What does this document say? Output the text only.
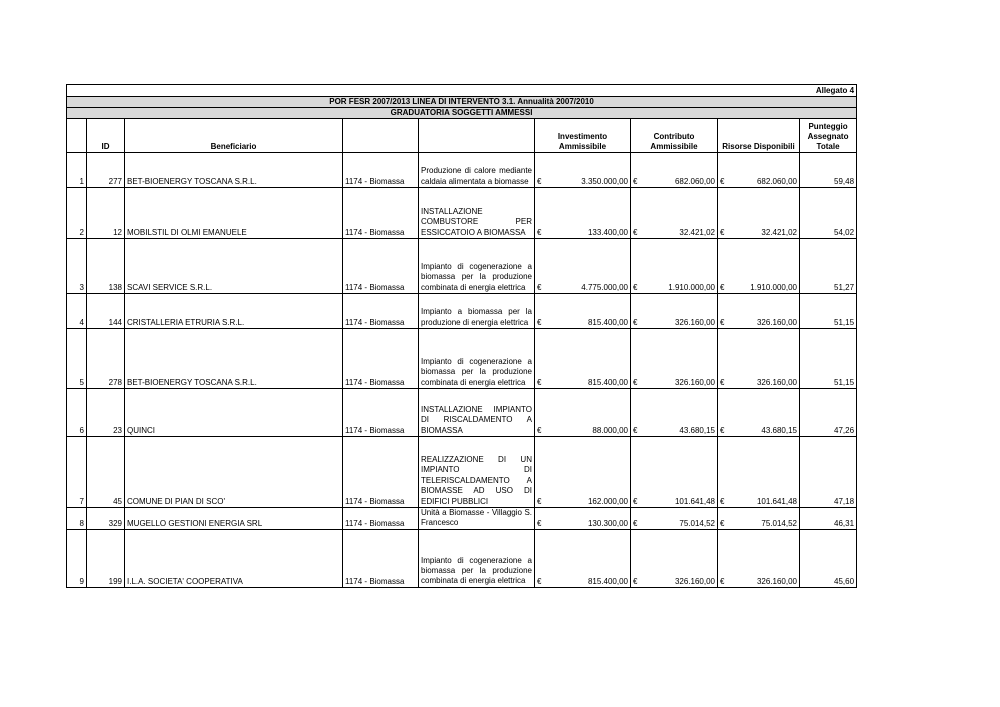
Allegato 4								
POR FESR 2007/2013 LINEA DI INTERVENTO 3.1. Annualità 2007/2010								
GRADUATORIA SOGGETTI AMMESSI								
	ID	Beneficiario			Investimento Ammissibile	Contributo Ammissibile	Risorse Disponibili	Punteggio Assegnato Totale
1	277	BET-BIOENERGY TOSCANA S.R.L.	1174 - Biomassa	Produzione di calore mediante caldaia alimentata a biomasse	€ 3.350.000,00	€ 682.060,00	€ 682.060,00	59,48
2	12	MOBILSTIL DI OLMI EMANUELE	1174 - Biomassa	INSTALLAZIONE COMBUSTORE PER ESSICCATOIO A BIOMASSA	€ 133.400,00	€ 32.421,02	€ 32.421,02	54,02
3	138	SCAVI SERVICE S.R.L.	1174 - Biomassa	Impianto di cogenerazione a biomassa per la produzione combinata di energia elettrica	€ 4.775.000,00	€ 1.910.000,00	€ 1.910.000,00	51,27
4	144	CRISTALLERIA ETRURIA S.R.L.	1174 - Biomassa	Impianto a biomassa per la produzione di energia elettrica	€ 815.400,00	€ 326.160,00	€ 326.160,00	51,15
5	278	BET-BIOENERGY TOSCANA S.R.L.	1174 - Biomassa	Impianto di cogenerazione a biomassa per la produzione combinata di energia elettrica	€ 815.400,00	€ 326.160,00	€ 326.160,00	51,15
6	23	QUINCI	1174 - Biomassa	INSTALLAZIONE IMPIANTO DI RISCALDAMENTO A BIOMASSA	€ 88.000,00	€ 43.680,15	€ 43.680,15	47,26
7	45	COMUNE DI PIAN DI SCO'	1174 - Biomassa	REALIZZAZIONE DI UN IMPIANTO DI TELERISCALDAMENTO A BIOMASSE AD USO DI EDIFICI PUBBLICI	€ 162.000,00	€ 101.641,48	€ 101.641,48	47,18
8	329	MUGELLO GESTIONI ENERGIA SRL	1174 - Biomassa	Unità a Biomasse - Villaggio S. Francesco	€ 130.300,00	€ 75.014,52	€ 75.014,52	46,31
9	199	I.L.A. SOCIETA' COOPERATIVA	1174 - Biomassa	Impianto di cogenerazione a biomassa per la produzione combinata di energia elettrica	€ 815.400,00	€ 326.160,00	€ 326.160,00	45,60
